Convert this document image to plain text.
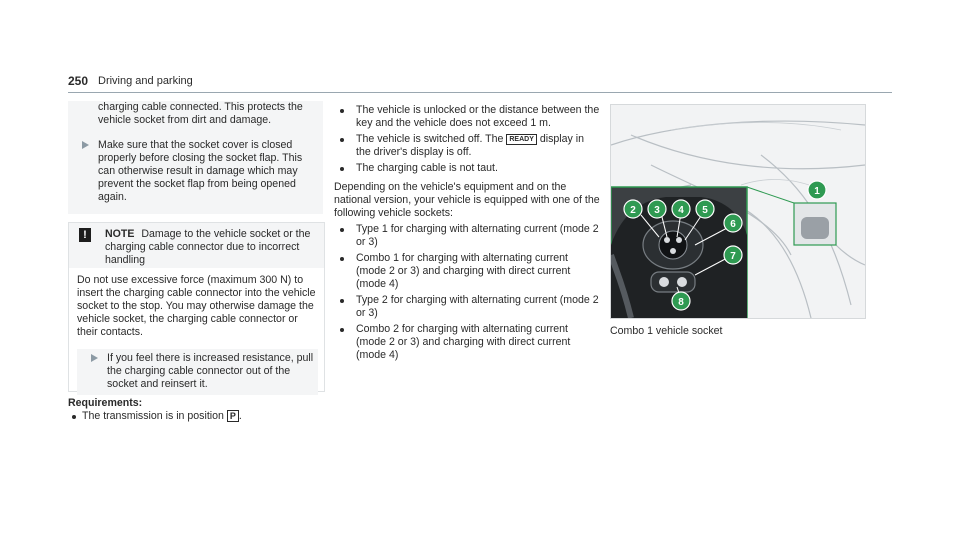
250 Driving and parking
charging cable connected. This protects the vehicle socket from dirt and damage.
Make sure that the socket cover is closed properly before closing the socket flap. This can otherwise result in damage which may prevent the socket flap from being opened again.
!	NOTE Damage to the vehicle socket or the charging cable connector due to incorrect handling
Do not use excessive force (maximum 300 N) to insert the charging cable connector into the vehicle socket to the stop. You may otherwise damage the vehicle socket, the charging cable connector or their contacts.
If you feel there is increased resistance, pull the charging cable connector out of the socket and reinsert it.
Requirements:
The transmission is in position P .
The vehicle is unlocked or the distance between the key and the vehicle does not exceed 1 m.
The vehicle is switched off. The READY display in the driver's display is off.
The charging cable is not taut.
Depending on the vehicle's equipment and on the national version, your vehicle is equipped with one of the following vehicle sockets:
Type 1 for charging with alternating current (mode 2 or 3)
Combo 1 for charging with alternating current (mode 2 or 3) and charging with direct current (mode 4)
Type 2 for charging with alternating current (mode 2 or 3)
Combo 2 for charging with alternating current (mode 2 or 3) and charging with direct current (mode 4)
1
2 3 4 5
6
7
8
Combo 1 vehicle socket
